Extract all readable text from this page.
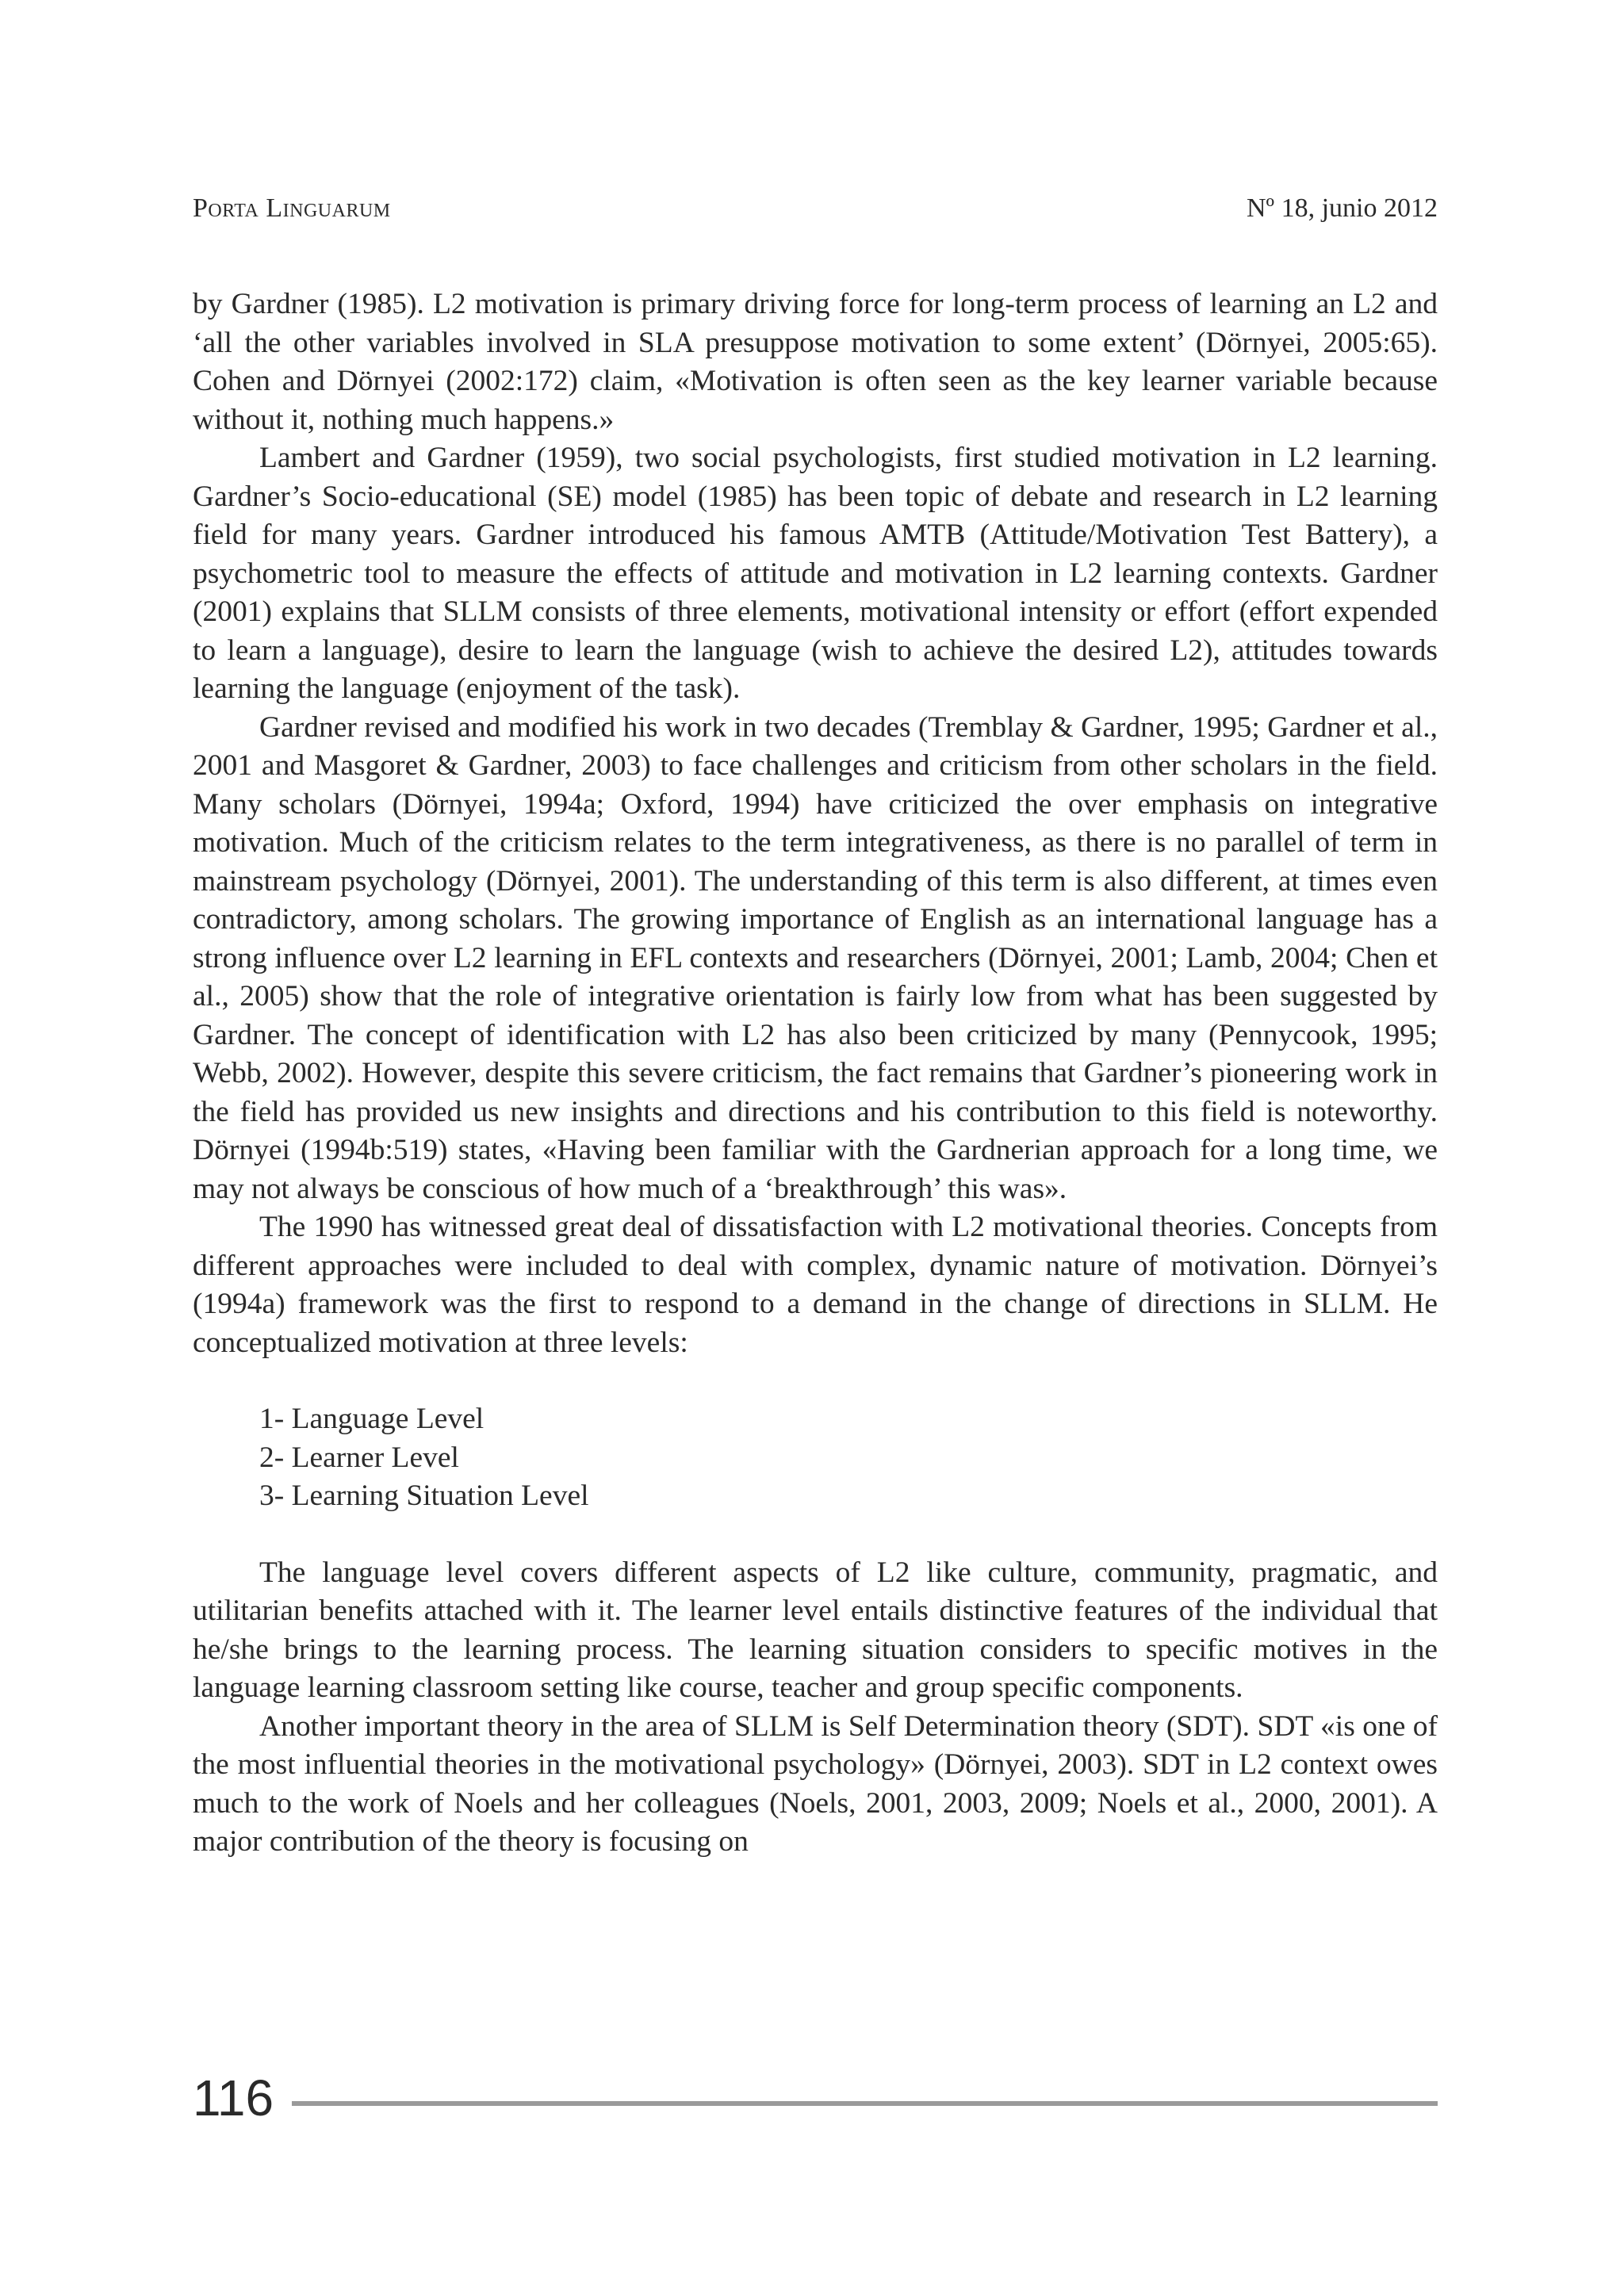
Porta Linguarum	Nº 18, junio 2012

by Gardner (1985). L2 motivation is primary driving force for long-term process of learning an L2 and ‘all the other variables involved in SLA presuppose motivation to some extent’ (Dörnyei, 2005:65). Cohen and Dörnyei (2002:172) claim, «Motivation is often seen as the key learner variable because without it, nothing much happens.»

Lambert and Gardner (1959), two social psychologists, first studied motivation in L2 learning. Gardner’s Socio-educational (SE) model (1985) has been topic of debate and research in L2 learning field for many years. Gardner introduced his famous AMTB (Attitude/Motivation Test Battery), a psychometric tool to measure the effects of attitude and motivation in L2 learning contexts. Gardner (2001) explains that SLLM consists of three elements, motivational intensity or effort (effort expended to learn a language), desire to learn the language (wish to achieve the desired L2), attitudes towards learning the language (enjoyment of the task).

Gardner revised and modified his work in two decades (Tremblay & Gardner, 1995; Gardner et al., 2001 and Masgoret & Gardner, 2003) to face challenges and criticism from other scholars in the field. Many scholars (Dörnyei, 1994a; Oxford, 1994) have criticized the over emphasis on integrative motivation. Much of the criticism relates to the term integrativeness, as there is no parallel of term in mainstream psychology (Dörnyei, 2001). The understanding of this term is also different, at times even contradictory, among scholars. The growing importance of English as an international language has a strong influence over L2 learning in EFL contexts and researchers (Dörnyei, 2001; Lamb, 2004; Chen et al., 2005) show that the role of integrative orientation is fairly low from what has been suggested by Gardner. The concept of identification with L2 has also been criticized by many (Pennycook, 1995; Webb, 2002). However, despite this severe criticism, the fact remains that Gardner’s pioneering work in the field has provided us new insights and directions and his contribution to this field is noteworthy. Dörnyei (1994b:519) states, «Having been familiar with the Gardnerian approach for a long time, we may not always be conscious of how much of a ‘breakthrough’ this was».

The 1990 has witnessed great deal of dissatisfaction with L2 motivational theories. Concepts from different approaches were included to deal with complex, dynamic nature of motivation. Dörnyei’s (1994a) framework was the first to respond to a demand in the change of directions in SLLM. He conceptualized motivation at three levels:

1- Language Level
2- Learner Level
3- Learning Situation Level

The language level covers different aspects of L2 like culture, community, pragmatic, and utilitarian benefits attached with it. The learner level entails distinctive features of the individual that he/she brings to the learning process. The learning situation considers to specific motives in the language learning classroom setting like course, teacher and group specific components.

Another important theory in the area of SLLM is Self Determination theory (SDT). SDT «is one of the most influential theories in the motivational psychology» (Dörnyei, 2003). SDT in L2 context owes much to the work of Noels and her colleagues (Noels, 2001, 2003, 2009; Noels et al., 2000, 2001). A major contribution of the theory is focusing on

116
